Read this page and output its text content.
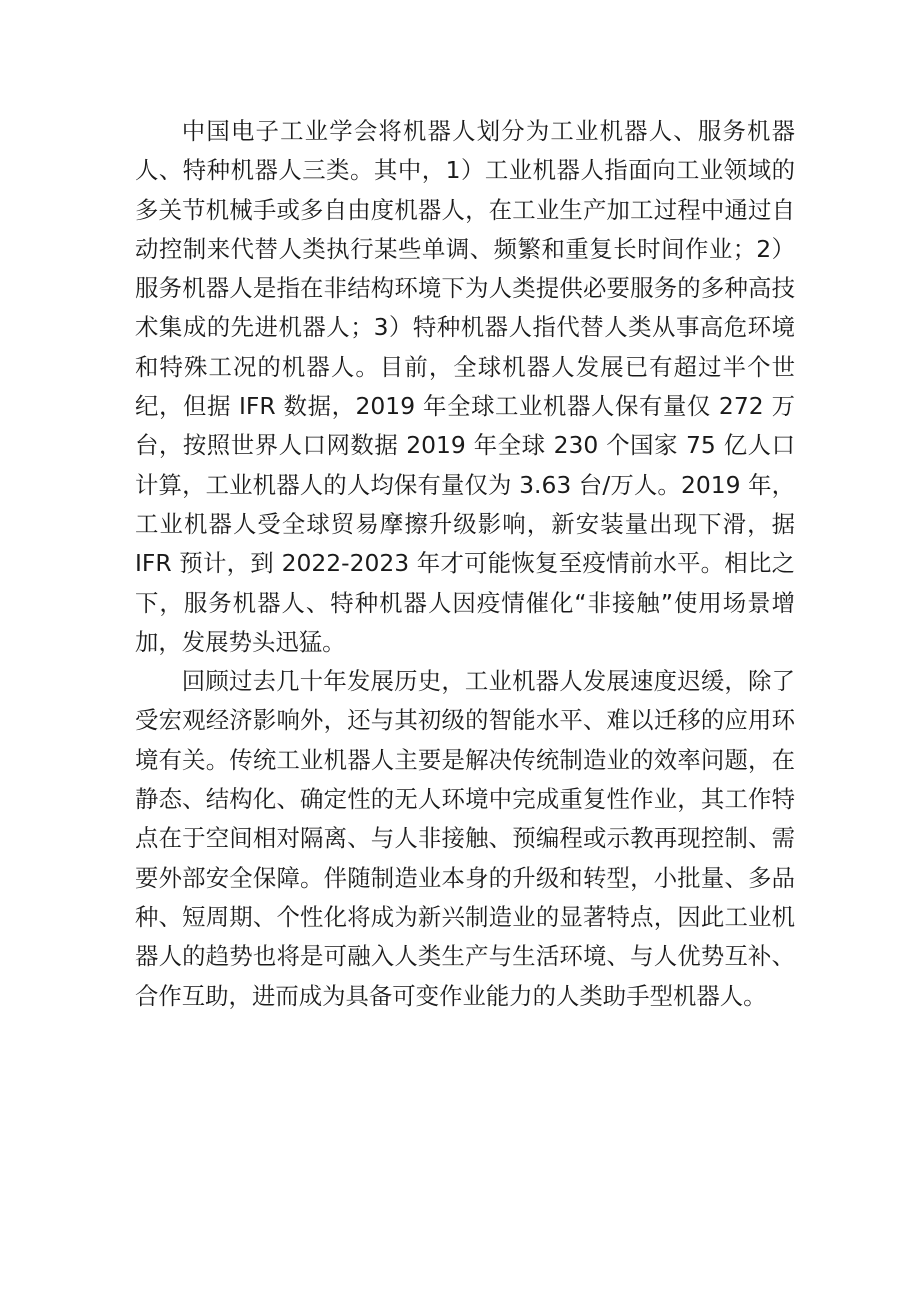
中国电子工业学会将机器人划分为工业机器人、服务机器人、特种机器人三类。其中，1）工业机器人指面向工业领域的多关节机械手或多自由度机器人，在工业生产加工过程中通过自动控制来代替人类执行某些单调、频繁和重复长时间作业；2）服务机器人是指在非结构环境下为人类提供必要服务的多种高技术集成的先进机器人；3）特种机器人指代替人类从事高危环境和特殊工况的机器人。目前，全球机器人发展已有超过半个世纪，但据 IFR 数据，2019 年全球工业机器人保有量仅 272 万台，按照世界人口网数据 2019 年全球 230 个国家 75 亿人口计算，工业机器人的人均保有量仅为 3.63 台/万人。2019 年，工业机器人受全球贸易摩擦升级影响，新安装量出现下滑，据 IFR 预计，到 2022-2023 年才可能恢复至疫情前水平。相比之下，服务机器人、特种机器人因疫情催化“非接触”使用场景增加，发展势头迅猛。

回顾过去几十年发展历史，工业机器人发展速度迟缓，除了受宏观经济影响外，还与其初级的智能水平、难以迁移的应用环境有关。传统工业机器人主要是解决传统制造业的效率问题，在静态、结构化、确定性的无人环境中完成重复性作业，其工作特点在于空间相对隔离、与人非接触、预编程或示教再现控制、需要外部安全保障。伴随制造业本身的升级和转型，小批量、多品种、短周期、个性化将成为新兴制造业的显著特点，因此工业机器人的趋势也将是可融入人类生产与生活环境、与人优势互补、合作互助，进而成为具备可变作业能力的人类助手型机器人。
